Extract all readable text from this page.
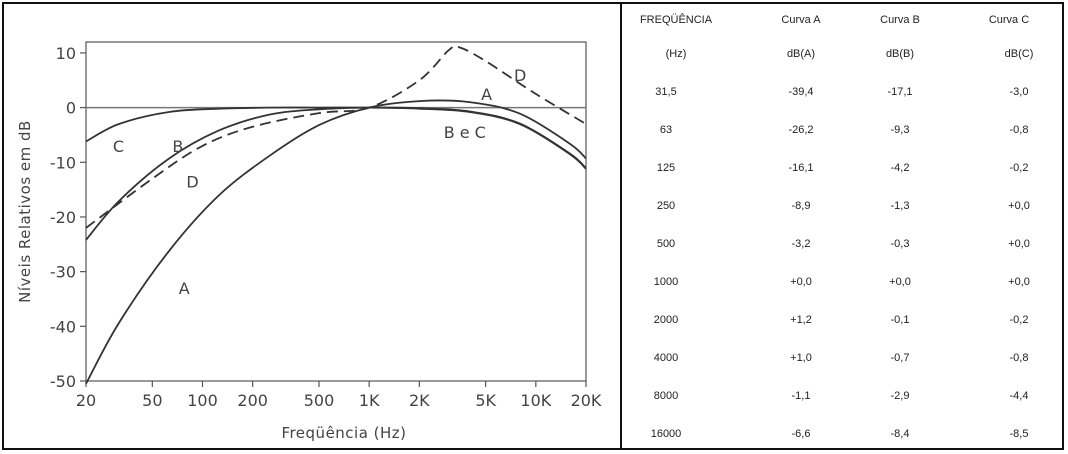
10
0
-10
-20
-30
-40
-50
20	50 100 200 500 1K 2K	5K 10K 20K
Freqüência (Hz)
Níveis Relativos em dB
D
A
B e C
C	B
D
A
FREQÜÊNCIA	Curva A	Curva B	Curva C
(Hz)	dB(A)	dB(B)	dB(C)
31,5	-39,4	-17,1	-3,0
63	-26,2	-9,3	-0,8
125	-16,1	-4,2	-0,2
250	-8,9	-1,3	+0,0
500	-3,2	-0,3	+0,0
1000	+0,0	+0,0	+0,0
2000	+1,2	-0,1	-0,2
4000	+1,0	-0,7	-0,8
8000	-1,1	-2,9	-4,4
16000	-6,6	-8,4	-8,5
